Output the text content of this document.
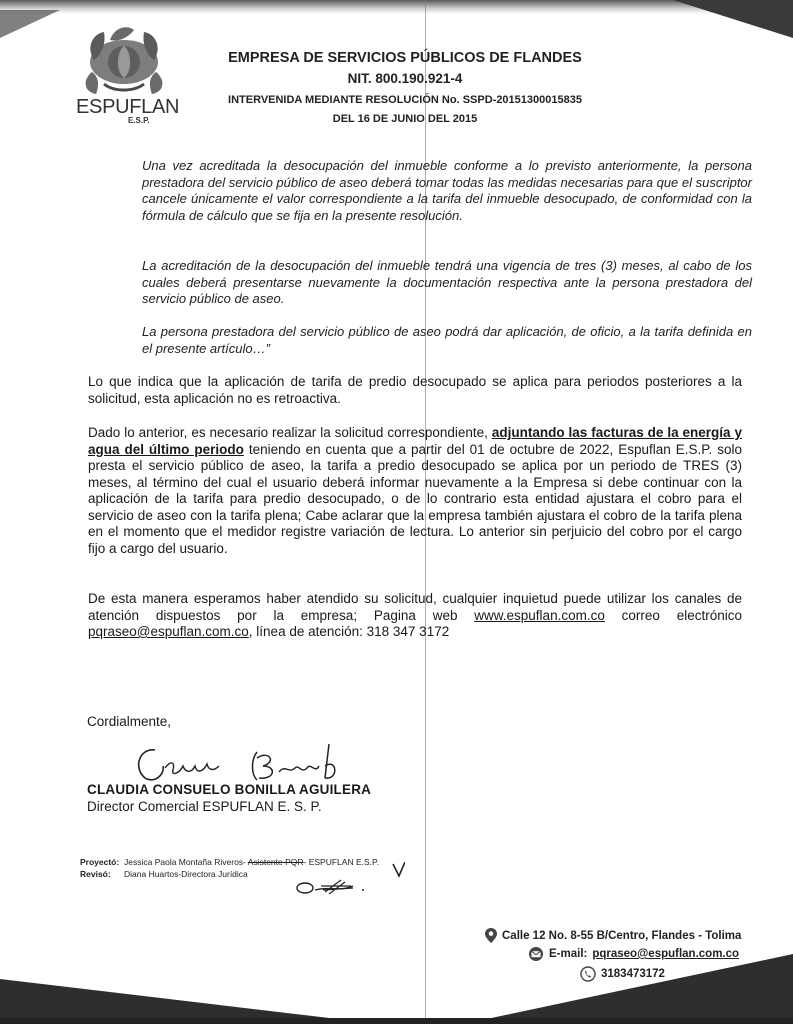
ESPUFLAN
E.S.P.
EMPRESA DE SERVICIOS PÚBLICOS DE FLANDES
NIT. 800.190.921-4
INTERVENIDA MEDIANTE RESOLUCIÓN No. SSPD-20151300015835
DEL 16 DE JUNIO DEL 2015
Una vez acreditada la desocupación del inmueble conforme a lo previsto anteriormente, la persona prestadora del servicio público de aseo deberá tomar todas las medidas necesarias para que el suscriptor cancele únicamente el valor correspondiente a la tarifa del inmueble desocupado, de conformidad con la fórmula de cálculo que se fija en la presente resolución.
La acreditación de la desocupación del inmueble tendrá una vigencia de tres (3) meses, al cabo de los cuales deberá presentarse nuevamente la documentación respectiva ante la persona prestadora del servicio público de aseo.
La persona prestadora del servicio público de aseo podrá dar aplicación, de oficio, a la tarifa definida en el presente artículo…”
Lo que indica que la aplicación de tarifa de predio desocupado se aplica para periodos posteriores a la solicitud, esta aplicación no es retroactiva.
Dado lo anterior, es necesario realizar la solicitud correspondiente, adjuntando las facturas de la energía y agua del último periodo teniendo en cuenta que a partir del 01 de octubre de 2022, Espuflan E.S.P. solo presta el servicio público de aseo, la tarifa a predio desocupado se aplica por un periodo de TRES (3) meses, al término del cual el usuario deberá informar nuevamente a la Empresa si debe continuar con la aplicación de la tarifa para predio desocupado, o de lo contrario esta entidad ajustara el cobro para el servicio de aseo con la tarifa plena; Cabe aclarar que la empresa también ajustara el cobro de la tarifa plena en el momento que el medidor registre variación de lectura. Lo anterior sin perjuicio del cobro por el cargo fijo a cargo del usuario.
De esta manera esperamos haber atendido su solicitud, cualquier inquietud puede utilizar los canales de atención dispuestos por la empresa; Pagina web www.espuflan.com.co correo electrónico pqraseo@espuflan.com.co, línea de atención: 318 347 3172
Cordialmente,
CLAUDIA CONSUELO BONILLA AGUILERA
Director Comercial ESPUFLAN E. S. P.
Proyectó: Jessica Paola Montaña Riveros- Asistente PQR- ESPUFLAN E.S.P.
Revisó: Diana Huartos-Directora Jurídica
Calle 12 No. 8-55 B/Centro, Flandes - Tolima
E-mail: pqraseo@espuflan.com.co
3183473172
